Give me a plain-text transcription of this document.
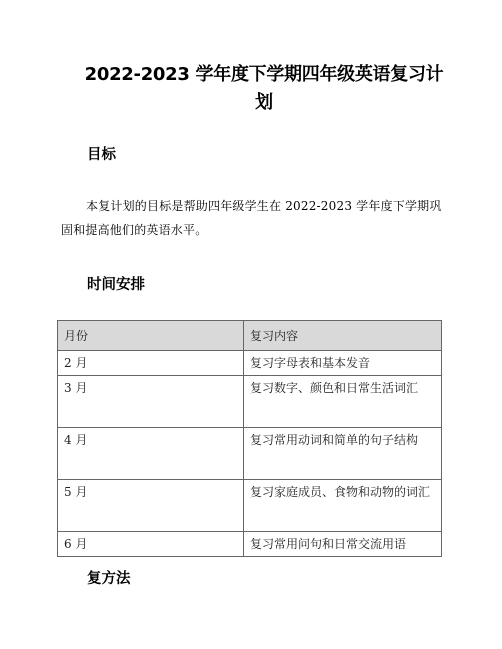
2022-2023 学年度下学期四年级英语复习计划
目标

本复计划的目标是帮助四年级学生在 2022-2023 学年度下学期巩固和提高他们的英语水平。

时间安排
月份	复习内容
2 月	复习字母表和基本发音
3 月	复习数字、颜色和日常生活词汇
4 月	复习常用动词和简单的句子结构
5 月	复习家庭成员、食物和动物的词汇
6 月	复习常用问句和日常交流用语
复方法
